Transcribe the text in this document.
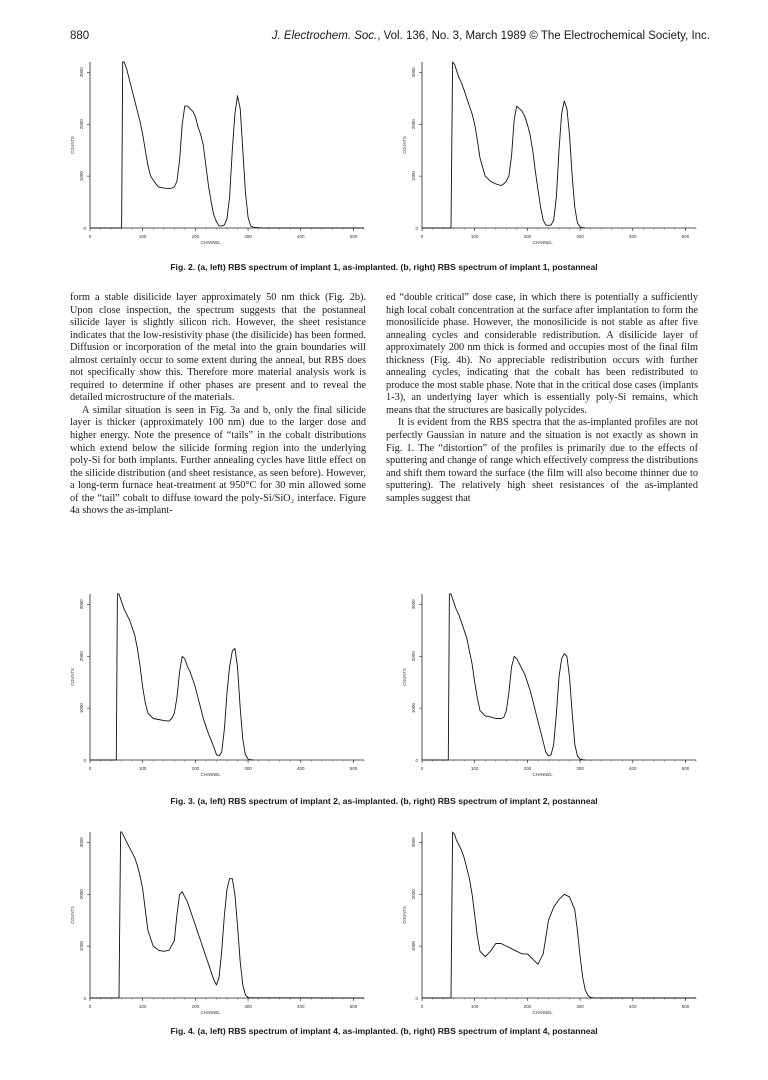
880	J. Electrochem. Soc., Vol. 136, No. 3, March 1989 © The Electrochemical Society, Inc.
0	100	200	300	400	500
1000
2000
3000
0
CHANNEL
COUNTS
0	100	200	300	400	500
1000
2000
3000
0
CHANNEL
COUNTS
Fig. 2. (a, left) RBS spectrum of implant 1, as-implanted. (b, right) RBS spectrum of implant 1, postanneal

form a stable disilicide layer approximately 50 nm thick (Fig. 2b). Upon close inspection, the spectrum suggests that the postanneal silicide layer is slightly silicon rich. However, the sheet resistance indicates that the low-resistivity phase (the disilicide) has been formed. Diffusion or incorporation of the metal into the grain boundaries will almost certainly occur to some extent during the anneal, but RBS does not specifically show this. Therefore more material analysis work is required to determine if other phases are present and to reveal the detailed microstructure of the materials.

A similar situation is seen in Fig. 3a and b, only the final silicide layer is thicker (approximately 100 nm) due to the larger dose and higher energy. Note the presence of “tails” in the cobalt distributions which extend below the silicide forming region into the underlying poly-Si for both implants. Further annealing cycles have little effect on the silicide distribution (and sheet resistance, as seen before). However, a long-term furnace heat-treatment at 950°C for 30 min allowed some of the “tail” cobalt to diffuse toward the poly-Si/SiO₂ interface. Figure 4a shows the as-implant-

ed “double critical” dose case, in which there is potentially a sufficiently high local cobalt concentration at the surface after implantation to form the monosilicide phase. However, the monosilicide is not stable as after five annealing cycles and considerable redistribution. A disilicide layer of approximately 200 nm thick is formed and occupies most of the final film thickness (Fig. 4b). No appreciable redistribution occurs with further annealing cycles, indicating that the cobalt has been redistributed to produce the most stable phase. Note that in the critical dose cases (implants 1-3), an underlying layer which is essentially poly-Si remains, which means that the structures are basically polycides.

It is evident from the RBS spectra that the as-implanted profiles are not perfectly Gaussian in nature and the situation is not exactly as shown in Fig. 1. The “distortion” of the profiles is primarily due to the effects of sputtering and change of range which effectively compress the distributions and shift them toward the surface (the film will also become thinner due to sputtering). The relatively high sheet resistances of the as-implanted samples suggest that

0	100	200	300	400	500
1000
2000
3000
0
CHANNEL
COUNTS
0	100	200	300	400	500
1000
2000
3000
0
CHANNEL
COUNTS
Fig. 3. (a, left) RBS spectrum of implant 2, as-implanted. (b, right) RBS spectrum of implant 2, postanneal
0	100	200	300	400	500
1000
2000
3000
0
CHANNEL
COUNTS
0	100	200	300	400	500
1000
2000
3000
0
CHANNEL
COUNTS
Fig. 4. (a, left) RBS spectrum of implant 4, as-implanted. (b, right) RBS spectrum of implant 4, postanneal
